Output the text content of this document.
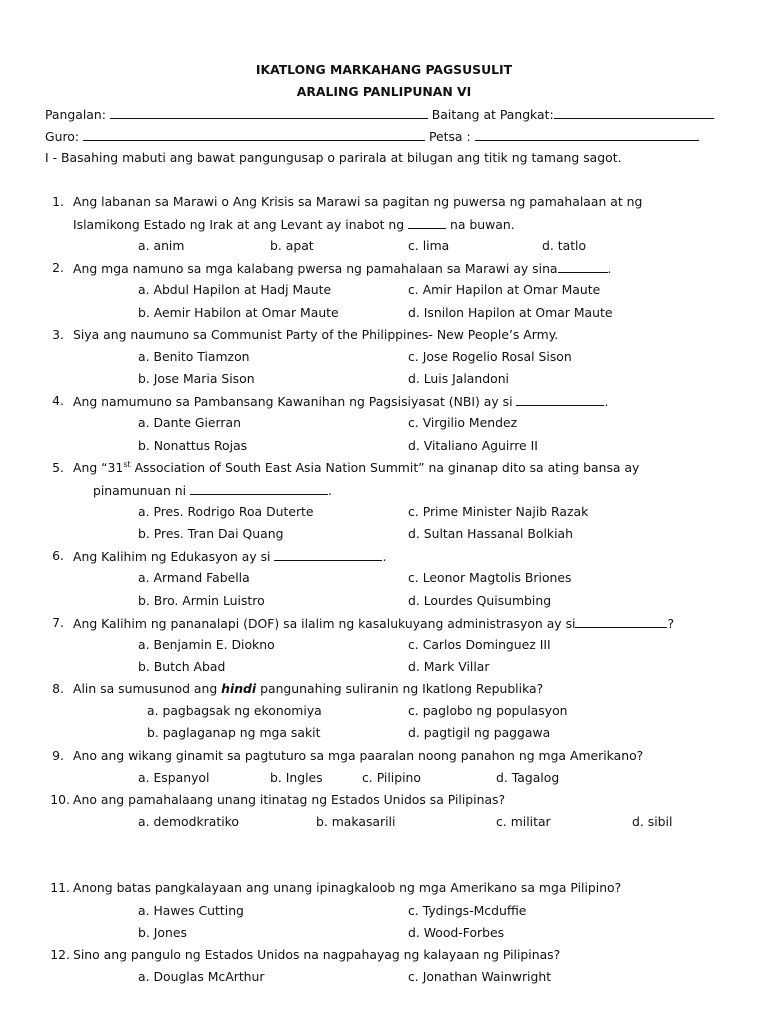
IKATLONG MARKAHANG PAGSUSULIT
ARALING PANLIPUNAN VI
Pangalan:	Baitang at Pangkat:
Guro:	Petsa :
I - Basahing mabuti ang bawat pangungusap o parirala at bilugan ang titik ng tamang sagot.
1. Ang labanan sa Marawi o Ang Krisis sa Marawi sa pagitan ng puwersa ng pamahalaan at ng
Islamikong Estado ng Irak at ang Levant ay inabot ng	na buwan.
a. anim	b. apat	c. lima	d. tatlo
2. Ang mga namuno sa mga kalabang pwersa ng pamahalaan sa Marawi ay sina	.
a. Abdul Hapilon at Hadj Maute	c. Amir Hapilon at Omar Maute
b. Aemir Habilon at Omar Maute	d. Isnilon Hapilon at Omar Maute
3. Siya ang naumuno sa Communist Party of the Philippines- New People’s Army.
a. Benito Tiamzon	c. Jose Rogelio Rosal Sison
b. Jose Maria Sison	d. Luis Jalandoni
4. Ang namumuno sa Pambansang Kawanihan ng Pagsisiyasat (NBI) ay si	.
a. Dante Gierran	c. Virgilio Mendez
b. Nonattus Rojas	d. Vitaliano Aguirre II
5. Ang “31st Association of South East Asia Nation Summit” na ginanap dito sa ating bansa ay
pinamunuan ni	.
a. Pres. Rodrigo Roa Duterte	c. Prime Minister Najib Razak
b. Pres. Tran Dai Quang	d. Sultan Hassanal Bolkiah
6. Ang Kalihim ng Edukasyon ay si	.
a. Armand Fabella	c. Leonor Magtolis Briones
b. Bro. Armin Luistro	d. Lourdes Quisumbing
7. Ang Kalihim ng pananalapi (DOF) sa ilalim ng kasalukuyang administrasyon ay si	?
a. Benjamin E. Diokno	c. Carlos Dominguez III
b. Butch Abad	d. Mark Villar
8. Alin sa sumusunod ang hindi pangunahing suliranin ng Ikatlong Republika?
a. pagbagsak ng ekonomiya	c. paglobo ng populasyon
b. paglaganap ng mga sakit	d. pagtigil ng paggawa
9. Ano ang wikang ginamit sa pagtuturo sa mga paaralan noong panahon ng mga Amerikano?
a. Espanyol	b. Ingles	c. Pilipino	d. Tagalog
10. Ano ang pamahalaang unang itinatag ng Estados Unidos sa Pilipinas?
a. demodkratiko	b. makasarili	c. militar	d. sibil
11. Anong batas pangkalayaan ang unang ipinagkaloob ng mga Amerikano sa mga Pilipino?
a. Hawes Cutting	c. Tydings-Mcduffie
b. Jones	d. Wood-Forbes
12. Sino ang pangulo ng Estados Unidos na nagpahayag ng kalayaan ng Pilipinas?
a. Douglas McArthur	c. Jonathan Wainwright
